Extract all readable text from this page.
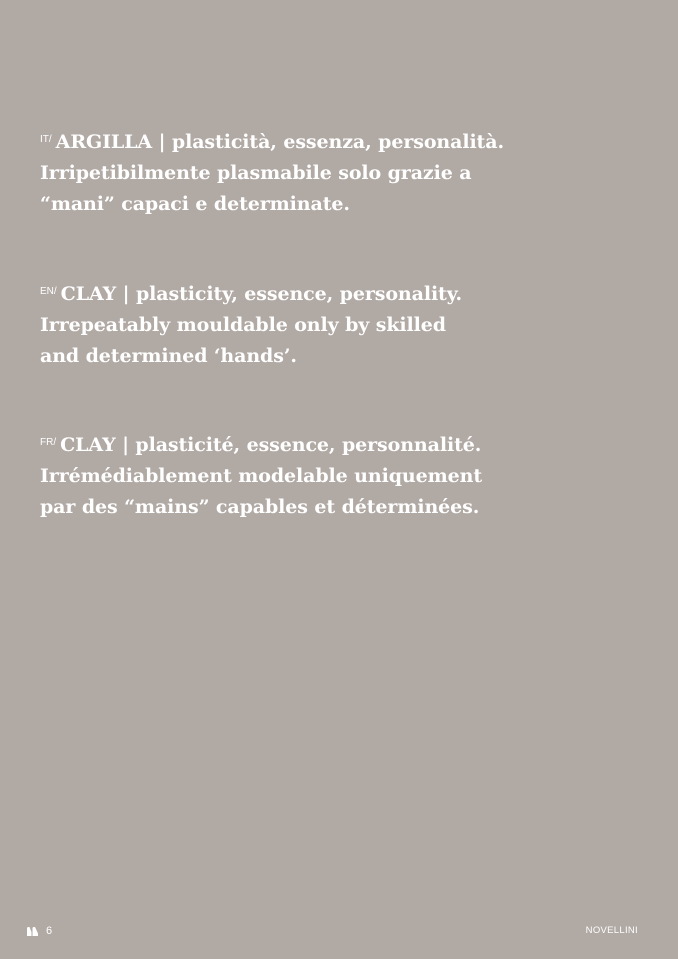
$^{IT/}$ ARGILLA | plasticità, essenza, personalità.
Irripetibilmente plasmabile solo grazie a
“mani” capaci e determinate.
$^{EN/}$ CLAY | plasticity, essence, personality.
Irrepeatably mouldable only by skilled
and determined ‘hands’.
$^{FR/}$ CLAY | plasticité, essence, personnalité.
Irrémédiablement modelable uniquement
par des “mains” capables et déterminées.
6	NOVELLINI
